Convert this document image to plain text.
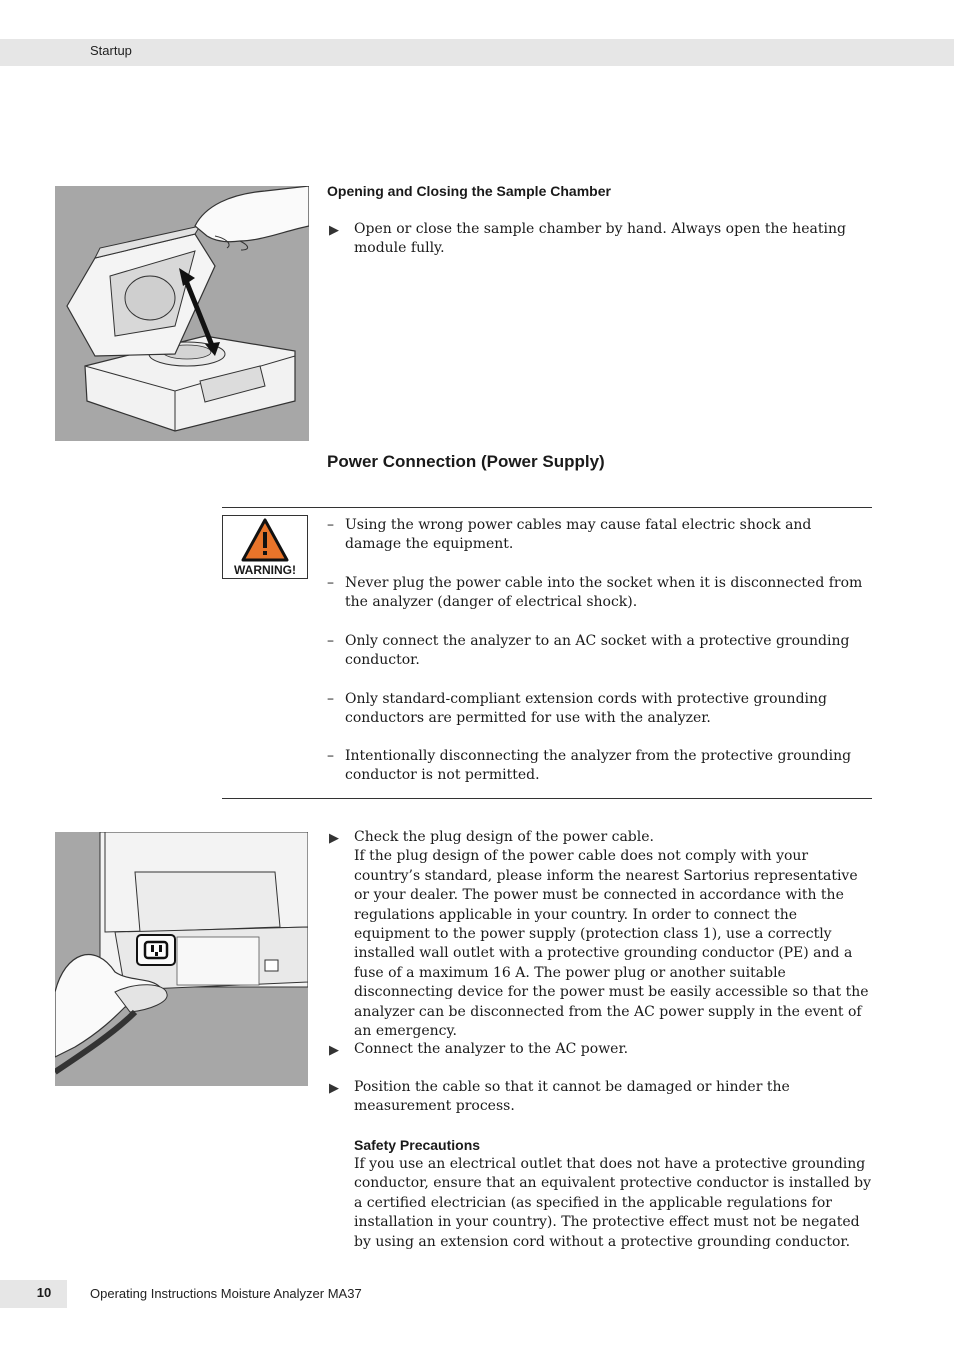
Startup
Opening and Closing the Sample Chamber
▶	Open or close the sample chamber by hand. Always open the heating module fully.
Power Connection (Power Supply)
WARNING!
– Using the wrong power cables may cause fatal electric shock and damage the equipment.
– Never plug the power cable into the socket when it is disconnected from the analyzer (danger of electrical shock).
– Only connect the analyzer to an AC socket with a protective grounding conductor.
– Only standard-compliant extension cords with protective grounding conductors are permitted for use with the analyzer.
– Intentionally disconnecting the analyzer from the protective grounding conductor is not permitted.
▶	Check the plug design of the power cable.
If the plug design of the power cable does not comply with your country’s standard, please inform the nearest Sartorius representative or your dealer. The power must be connected in accordance with the regulations applicable in your country. In order to connect the equipment to the power supply (protection class 1), use a correctly installed wall outlet with a protective grounding conductor (PE) and a fuse of a maximum 16 A. The power plug or another suitable disconnecting device for the power must be easily accessible so that the analyzer can be disconnected from the AC power supply in the event of an emergency.
▶	Connect the analyzer to the AC power.
▶	Position the cable so that it cannot be damaged or hinder the measurement process.
Safety Precautions
If you use an electrical outlet that does not have a protective grounding conductor, ensure that an equivalent protective conductor is installed by a certified electrician (as specified in the applicable regulations for installation in your country). The protective effect must not be negated by using an extension cord without a protective grounding conductor.
10	Operating Instructions Moisture Analyzer MA37
